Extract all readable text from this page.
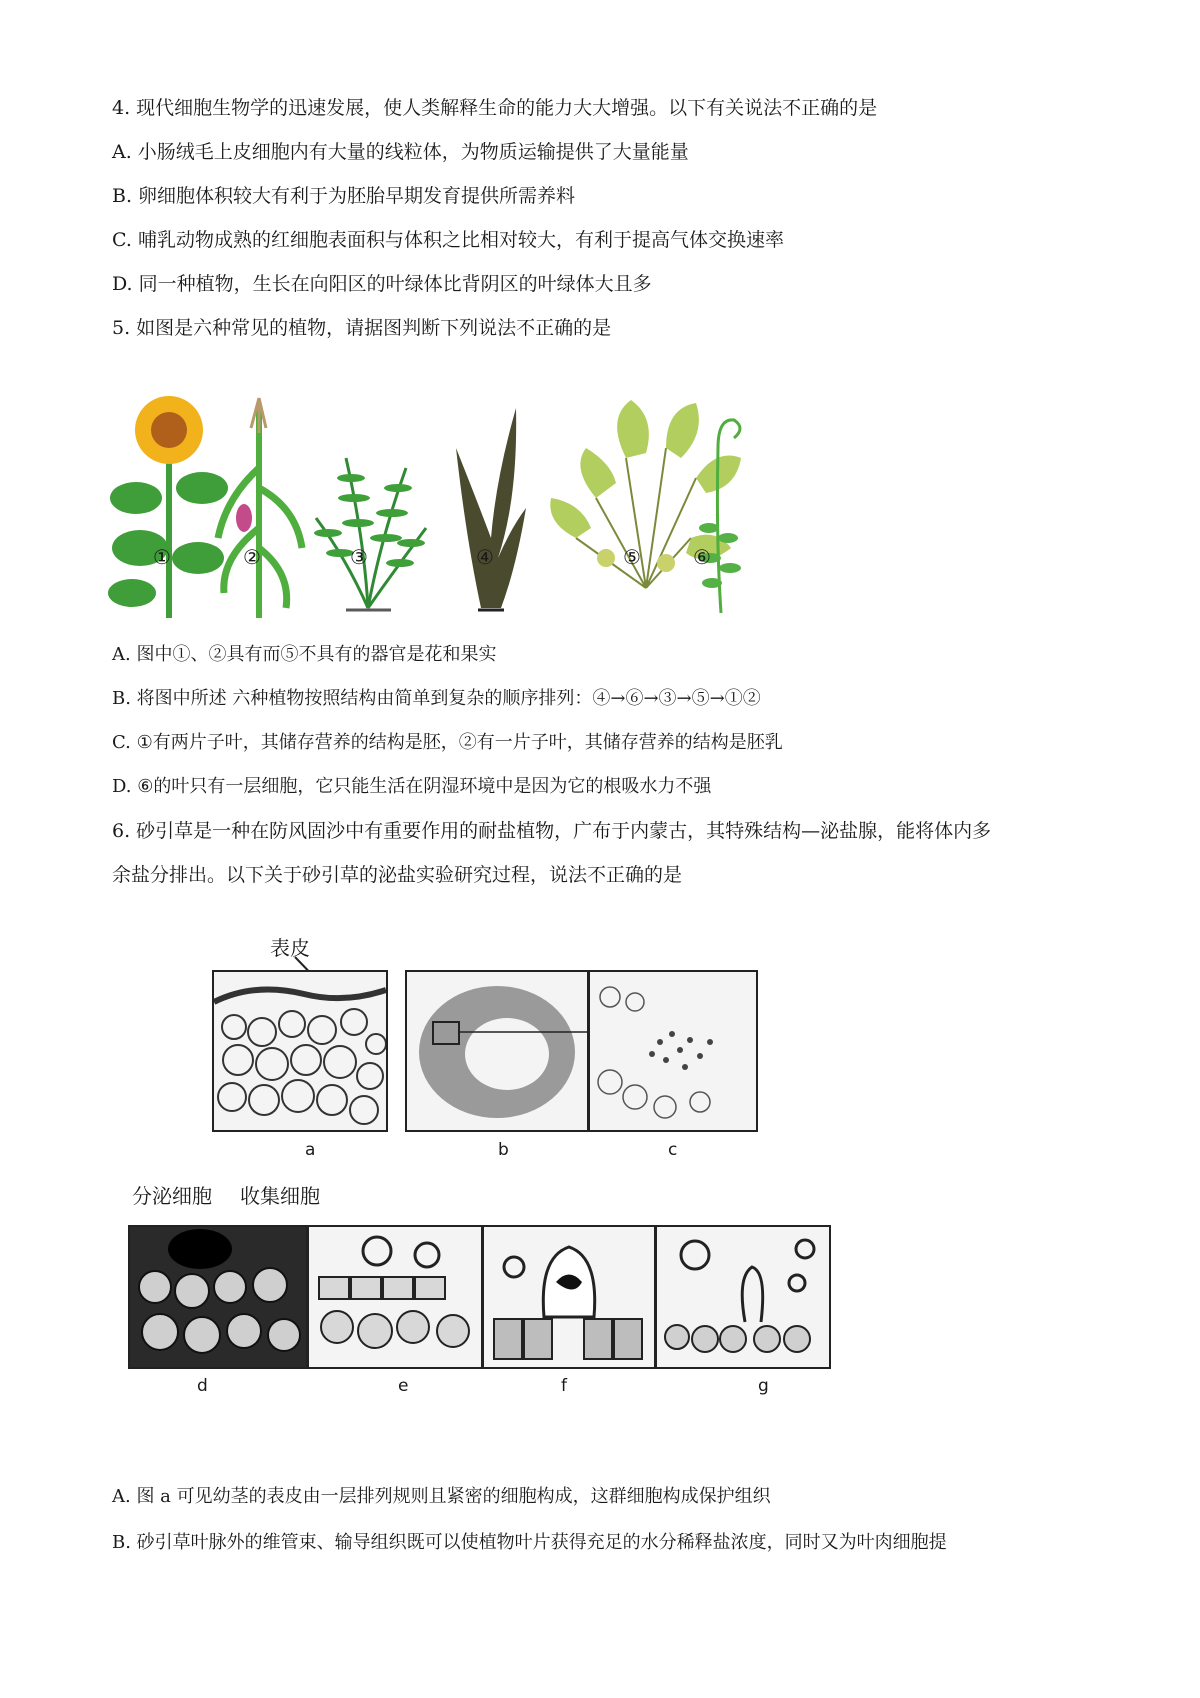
4. 现代细胞生物学的迅速发展，使人类解释生命的能力大大增强。以下有关说法不正确的是
A. 小肠绒毛上皮细胞内有大量的线粒体，为物质运输提供了大量能量
B. 卵细胞体积较大有利于为胚胎早期发育提供所需养料
C. 哺乳动物成熟的红细胞表面积与体积之比相对较大，有利于提高气体交换速率
D. 同一种植物，生长在向阳区的叶绿体比背阴区的叶绿体大且多
5. 如图是六种常见的植物，请据图判断下列说法不正确的是
①	②	③	④	⑤	⑥
A. 图中①、②具有而⑤不具有的器官是花和果实
B. 将图中所述 六种植物按照结构由简单到复杂的顺序排列：④→⑥→③→⑤→①②
C. ①有两片子叶，其储存营养的结构是胚，②有一片子叶，其储存营养的结构是胚乳
D. ⑥的叶只有一层细胞，它只能生活在阴湿环境中是因为它的根吸水力不强
6. 砂引草是一种在防风固沙中有重要作用的耐盐植物，广布于内蒙古，其特殊结构—泌盐腺，能将体内多
余盐分排出。以下关于砂引草的泌盐实验研究过程，说法不正确的是
表皮
a	b	c
分泌细胞 收集细胞
d	e	f	g
A. 图 a 可见幼茎的表皮由一层排列规则且紧密的细胞构成，这群细胞构成保护组织
B. 砂引草叶脉外的维管束、输导组织既可以使植物叶片获得充足的水分稀释盐浓度，同时又为叶肉细胞提
